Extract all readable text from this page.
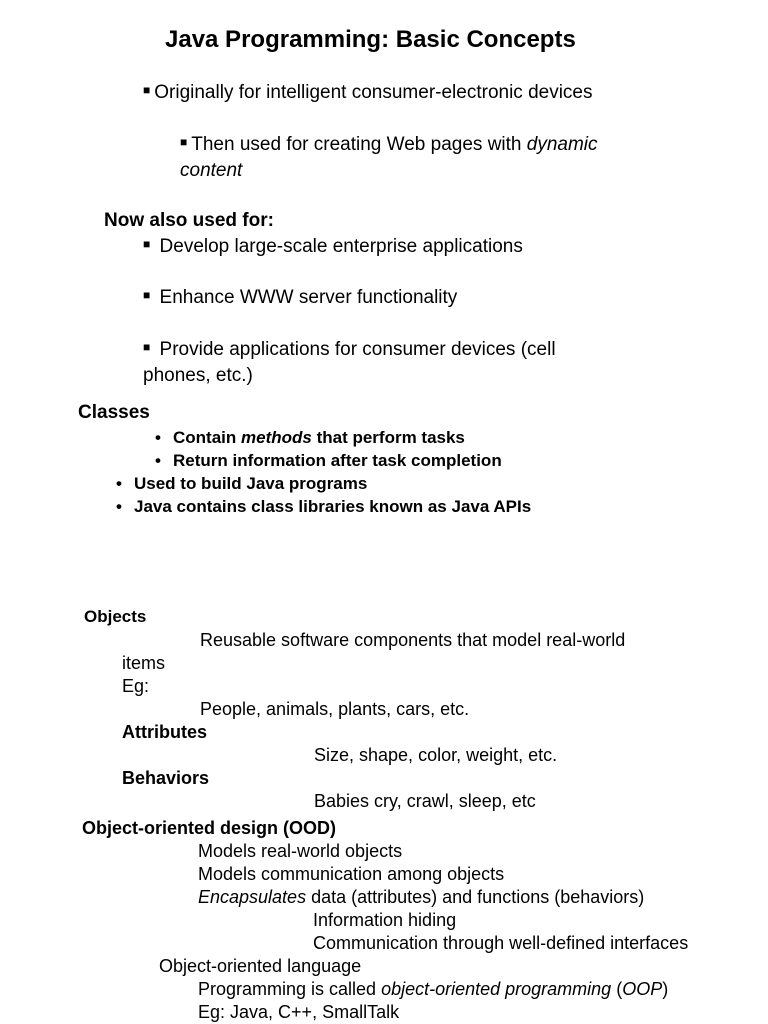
Java Programming: Basic Concepts
■ Originally for intelligent consumer-electronic devices
■ Then used for creating Web pages with dynamic
content
Now also used for:
■ Develop large-scale enterprise applications
■ Enhance WWW server functionality
■ Provide applications for consumer devices (cell
phones, etc.)
Classes
• Contain methods that perform tasks
• Return information after task completion
• Used to build Java programs
• Java contains class libraries known as Java APIs
Objects
Reusable software components that model real-world
items
Eg:
People, animals, plants, cars, etc.
Attributes
Size, shape, color, weight, etc.
Behaviors
Babies cry, crawl, sleep, etc
Object-oriented design (OOD)
Models real-world objects
Models communication among objects
Encapsulates data (attributes) and functions (behaviors)
Information hiding
Communication through well-defined interfaces
Object-oriented language
Programming is called object-oriented programming (OOP)
Eg: Java, C++, SmallTalk
